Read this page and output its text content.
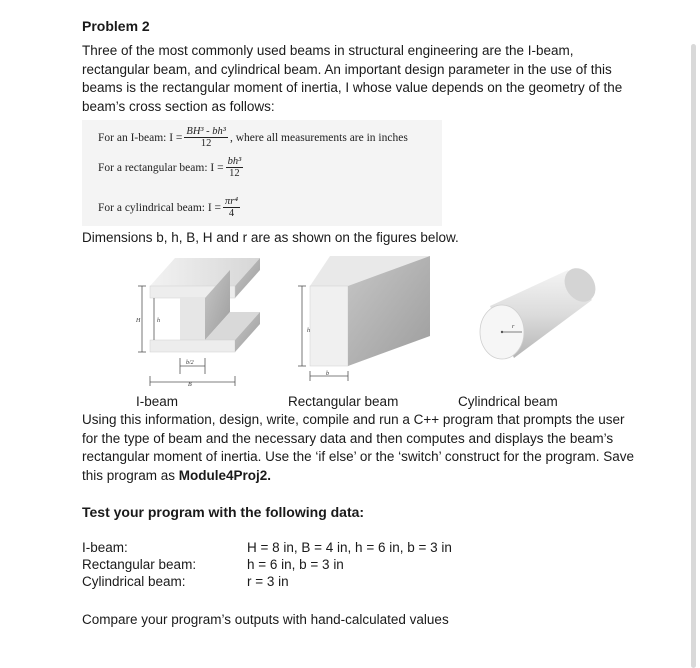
Problem 2
Three of the most commonly used beams in structural engineering are the I-beam, rectangular beam, and cylindrical beam. An important design parameter in the use of this beams is the rectangular moment of inertia, I whose value depends on the geometry of the beam’s cross section as follows:
For an I-beam: $I = \frac{\text{BH³ - bh³}}{12}$ , where all measurements are in inches
For a rectangular beam: $I = \frac{\text{bh³}}{12}$
For a cylindrical beam: $I = \frac{\text{πr⁴}}{4}$
Dimensions b, h, B, H and r are as shown on the figures below.
H	h
b/2
B
h
b
r
I-beam	Rectangular beam	Cylindrical beam
Using this information, design, write, compile and run a C++ program that prompts the user for the type of beam and the necessary data and then computes and displays the beam’s rectangular moment of inertia. Use the ‘if else’ or the ‘switch’ construct for the program. Save this program as Module4Proj2.
Test your program with the following data:
I-beam:	H = 8 in, B = 4 in, h = 6 in, b = 3 in
Rectangular beam:	h = 6 in, b = 3 in
Cylindrical beam:	r = 3 in
Compare your program’s outputs with hand-calculated values
